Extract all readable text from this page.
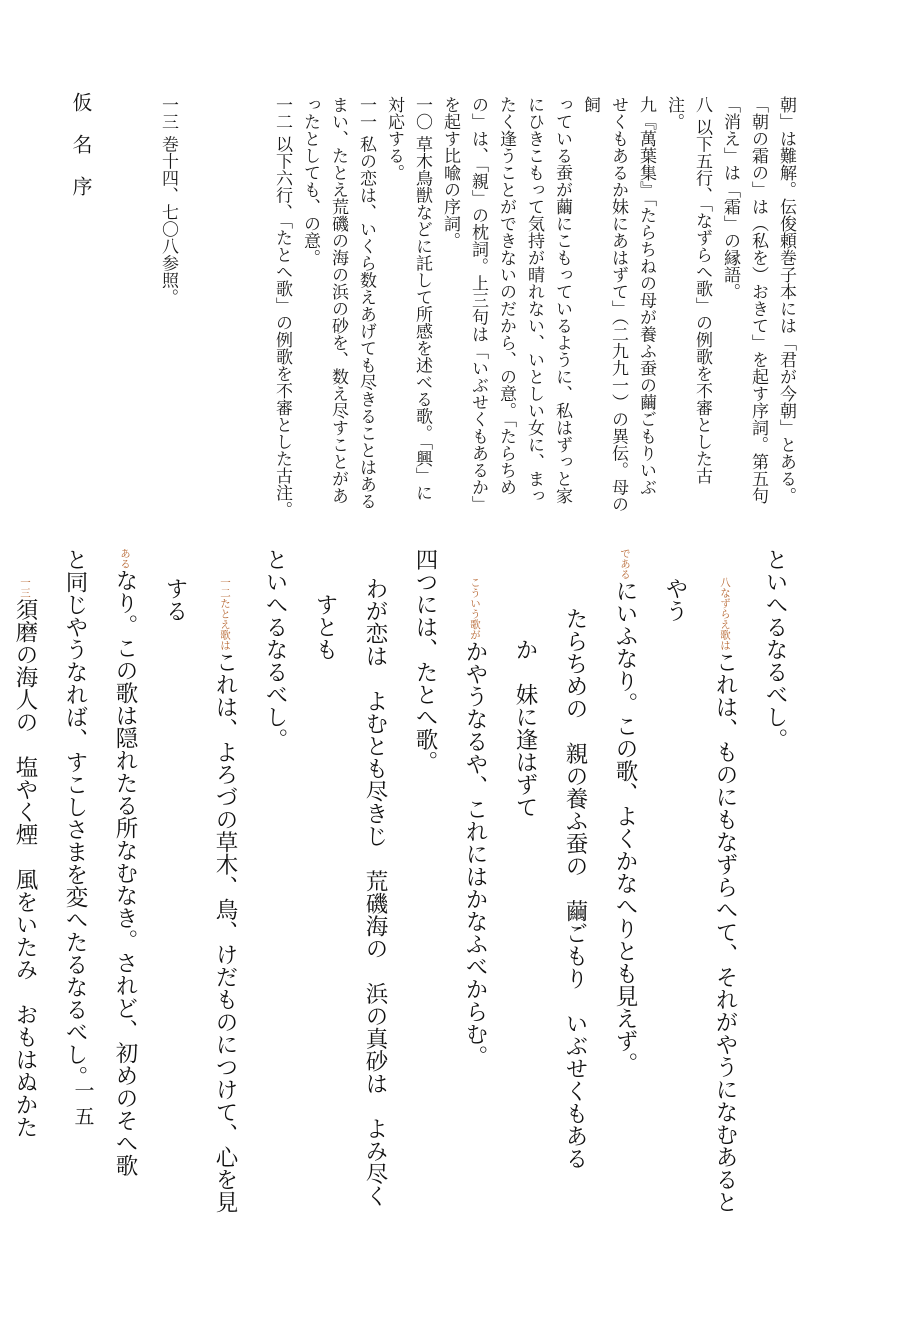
朝」は難解。伝俊頼巻子本には「君が今朝」とある。

「朝の霜の」は（私を）おきて」を起す序詞。第五句

「消え」は「霜」の縁語。

八 以下五行、「なずらへ歌」の例歌を不審とした古

注。

九『萬葉集』「たらちねの母が養ふ蚕の繭ごもりいぶ

せくもあるか妹にあはずて」（二九九一）の異伝。母の飼

っている蚕が繭にこもっているように、私はずっと家

にひきこもって気持が晴れない、いとしい女に、まっ

たく逢うことができないのだから、の意。「たらちめ

の」は、「親」の枕詞。上三句は「いぶせくもあるか」

を起す比喩の序詞。

一〇 草木鳥獣などに託して所感を述べる歌。「興」に

対応する。

一一 私の恋は、いくら数えあげても尽きることはある

まい、たとえ荒磯の海の浜の砂を、数え尽すことがあ

ったとしても、の意。

一二 以下六行、「たとへ歌」の例歌を不審とした古注。

一三 巻十四、七〇八参照。

といへるなるべし。

八なずらえ歌はこれは、ものにもなずらへて、それがやうになむあるとやう

であるにいふなり。この歌、よくかなへりとも見えず。

たらちめの　親の養ふ蚕の　繭ごもり　いぶせくもある

か　妹に逢はずて

こういう歌がかやうなるや、これにはかなふべからむ。

四つには、たとへ歌。

わが恋は　よむとも尽きじ　荒磯海の　浜の真砂は　よみ尽く

すとも

といへるなるべし。

一二たとえ歌はこれは、よろづの草木、鳥、けだものにつけて、心を見する

あるなり。この歌は隠れたる所なむなき。されど、初めのそへ歌

と同じやうなれば、すこしさまを変へたるなるべし。

一三須磨の海人の　塩やく煙　風をいたみ　おもはぬかた

仮名序
一五
